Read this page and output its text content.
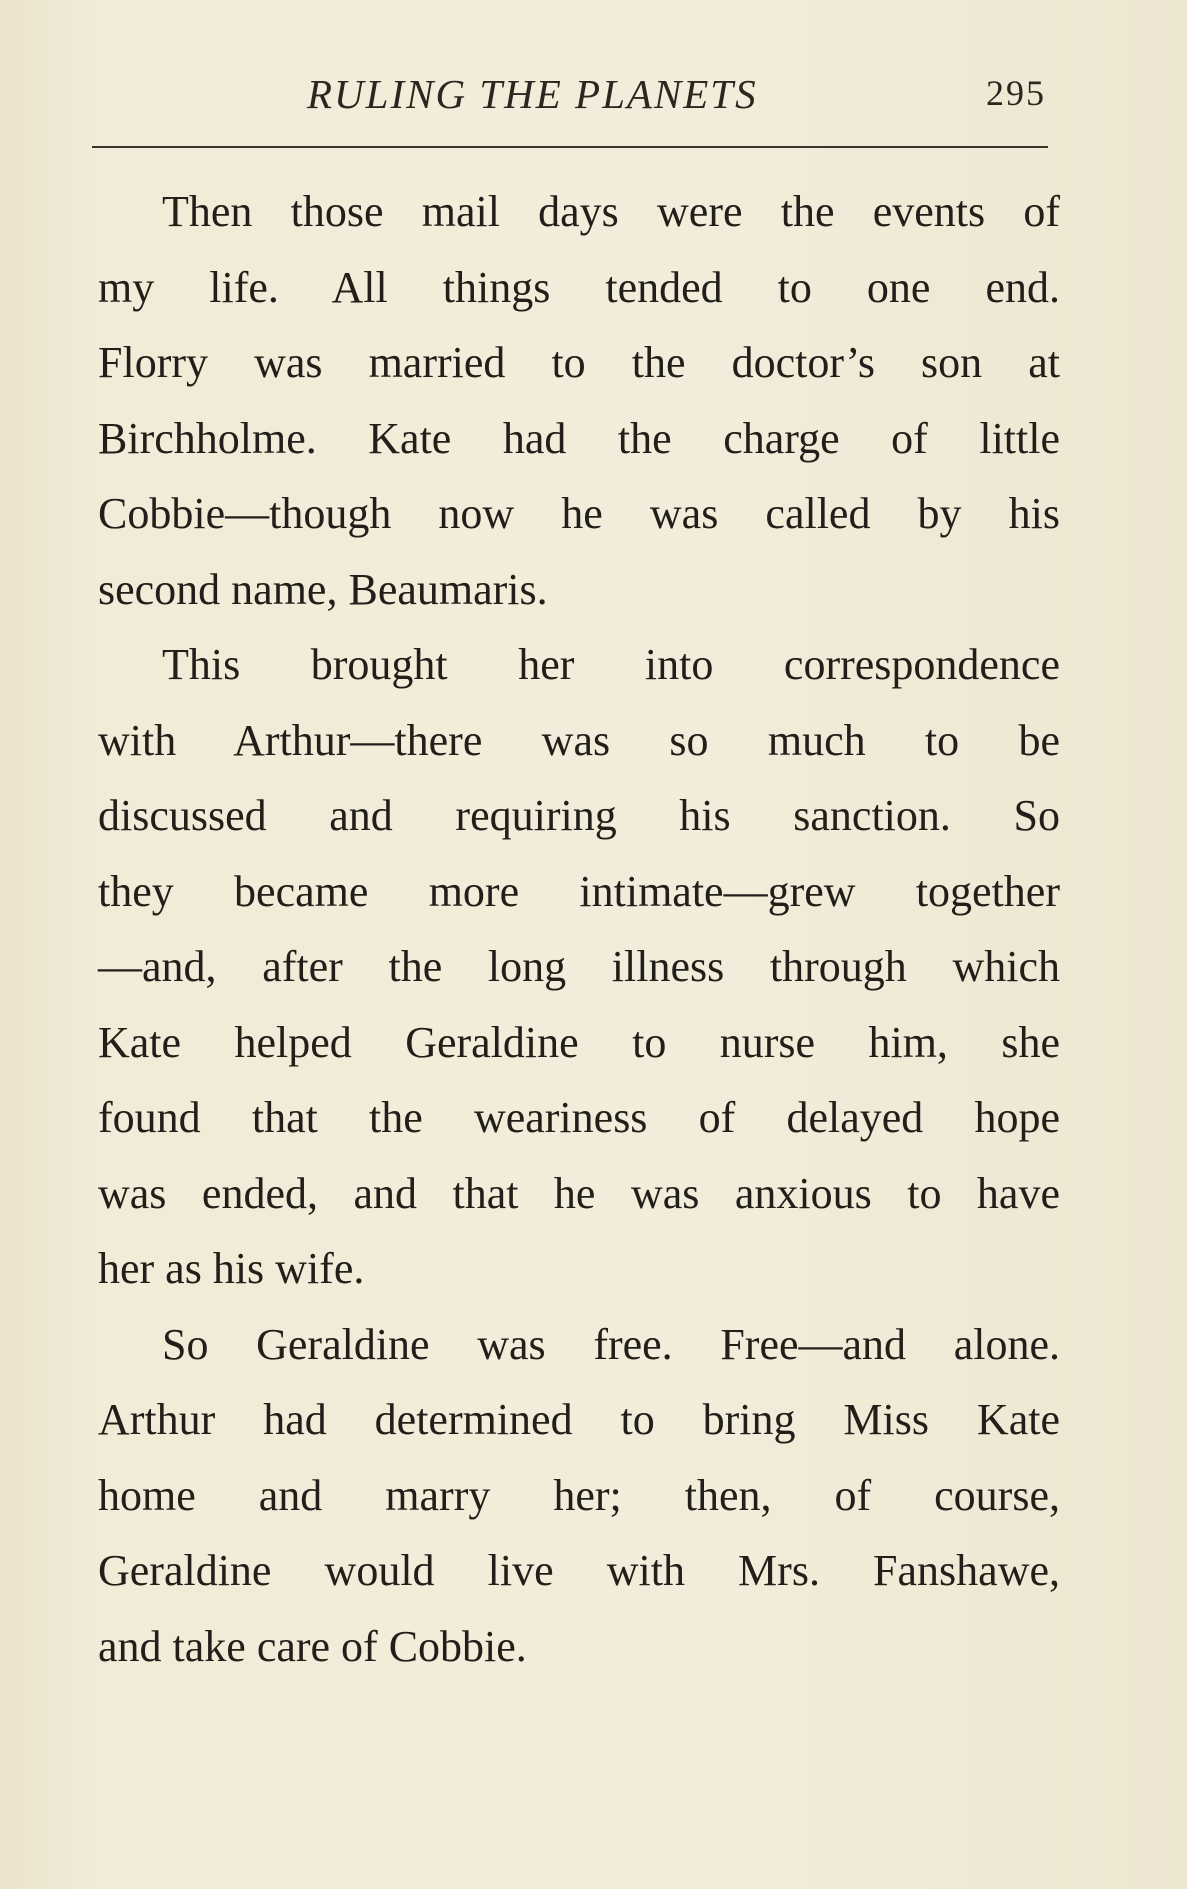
RULING THE PLANETS	295

Then those mail days were the events of
my life. All things tended to one end.
Florry was married to the doctor’s son at
Birchholme. Kate had the charge of little
Cobbie—though now he was called by his
second name, Beaumaris.

This brought her into correspondence
with Arthur—there was so much to be
discussed and requiring his sanction. So
they became more intimate—grew together
—and, after the long illness through which
Kate helped Geraldine to nurse him, she
found that the weariness of delayed hope
was ended, and that he was anxious to have
her as his wife.

So Geraldine was free. Free—and alone.
Arthur had determined to bring Miss Kate
home and marry her; then, of course,
Geraldine would live with Mrs. Fanshawe,
and take care of Cobbie.
